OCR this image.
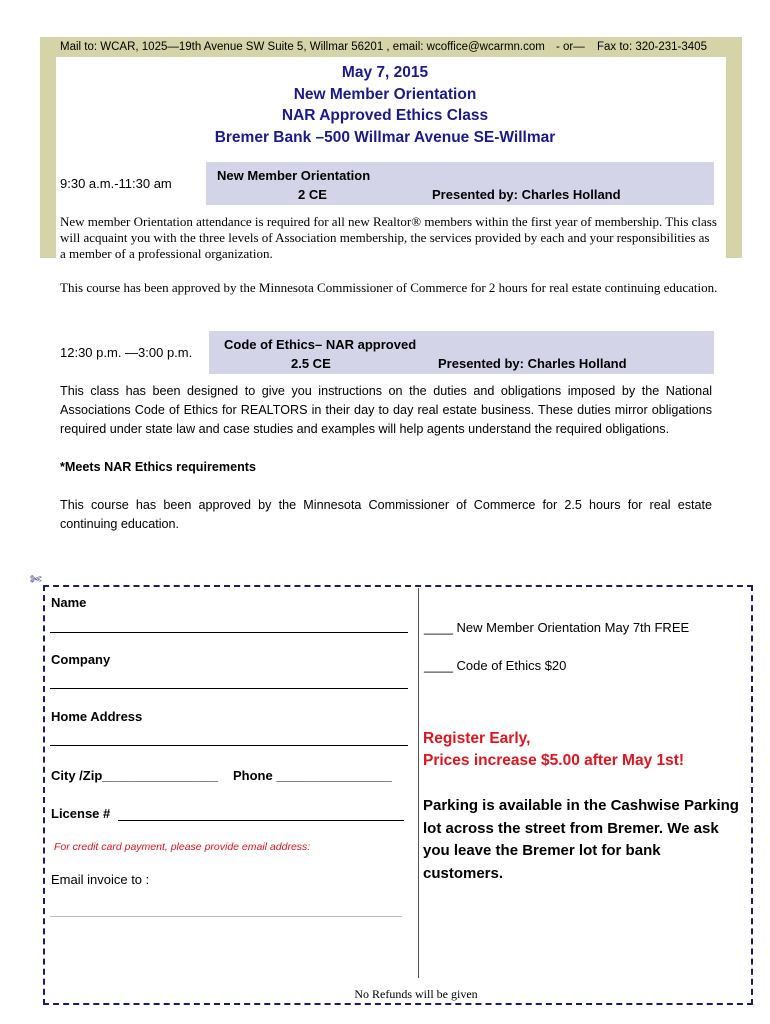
Mail to: WCAR, 1025—19th Avenue SW Suite 5, Willmar 56201 , email: wcoffice@wcarmn.com - or— Fax to: 320-231-3405
May 7, 2015
New Member Orientation
NAR Approved Ethics Class
Bremer Bank –500 Willmar Avenue SE-Willmar
9:30 a.m.-11:30 am
New Member Orientation
2 CE	Presented by: Charles Holland
New member Orientation attendance is required for all new Realtor® members within the first year of membership. This class will acquaint you with the three levels of Association membership, the services provided by each and your responsibilities as a member of a professional organization.
This course has been approved by the Minnesota Commissioner of Commerce for 2 hours for real estate continuing education.
12:30 p.m. —3:00 p.m.
Code of Ethics– NAR approved
2.5 CE	Presented by: Charles Holland
This class has been designed to give you instructions on the duties and obligations imposed by the National Associations Code of Ethics for REALTORS in their day to day real estate business. These duties mirror obligations required under state law and case studies and examples will help agents understand the required obligations.
*Meets NAR Ethics requirements
This course has been approved by the Minnesota Commissioner of Commerce for 2.5 hours for real estate continuing education.
✄
Name
Company
Home Address
City /Zip________________ Phone ________________
License #
For credit card payment, please provide email address:
Email invoice to :
____ New Member Orientation May 7th FREE
____ Code of Ethics $20
Register Early,
Prices increase $5.00 after May 1st!
Parking is available in the Cashwise Parking lot across the street from Bremer. We ask you leave the Bremer lot for bank customers.
No Refunds will be given
